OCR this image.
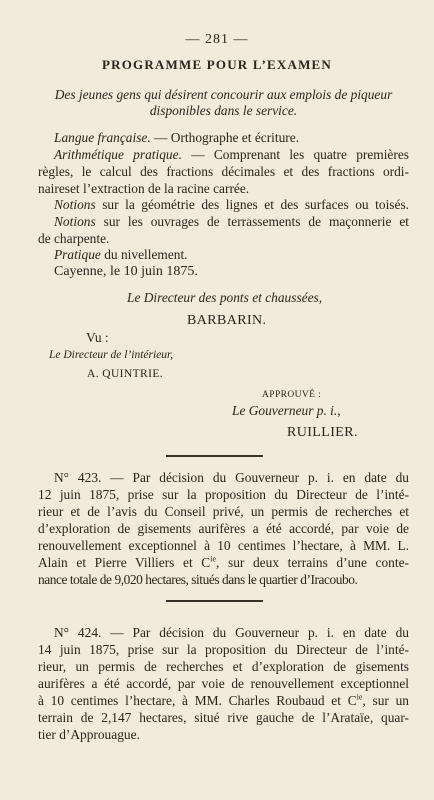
— 281 —
PROGRAMME POUR L’EXAMEN
Des jeunes gens qui désirent concourir aux emplois de piqueur
disponibles dans le service.
Langue française. — Orthographe et écriture.
Arithmétique pratique. — Comprenant les quatre premières
règles, le calcul des fractions décimales et des fractions ordi-
naireset l’extraction de la racine carrée.
Notions sur la géométrie des lignes et des surfaces ou toisés.
Notions sur les ouvrages de terrassements de maçonnerie et
de charpente.
Pratique du nivellement.
Cayenne, le 10 juin 1875.
Le Directeur des ponts et chaussées,
BARBARIN.
Vu :
Le Directeur de l’intérieur,
A. QUINTRIE.
APPROUVÉ :
Le Gouverneur p. i.,
RUILLIER.
N° 423. — Par décision du Gouverneur p. i. en date du
12 juin 1875, prise sur la proposition du Directeur de l’inté-
rieur et de l’avis du Conseil privé, un permis de recherches et
d’exploration de gisements aurifères a été accordé, par voie de
renouvellement exceptionnel à 10 centimes l’hectare, à MM. L.
Alain et Pierre Villiers et $C^{ie}$, sur deux terrains d’une conte-
nance totale de 9,020 hectares, situés dans le quartier d’Iracoubo.
N° 424. — Par décision du Gouverneur p. i. en date du
14 juin 1875, prise sur la proposition du Directeur de l’inté-
rieur, un permis de recherches et d’exploration de gisements
aurifères a été accordé, par voie de renouvellement exceptionnel
à 10 centimes l’hectare, à MM. Charles Roubaud et $C^{ie}$, sur un
terrain de 2,147 hectares, situé rive gauche de l’Arataïe, quar-
tier d’Approuague.
